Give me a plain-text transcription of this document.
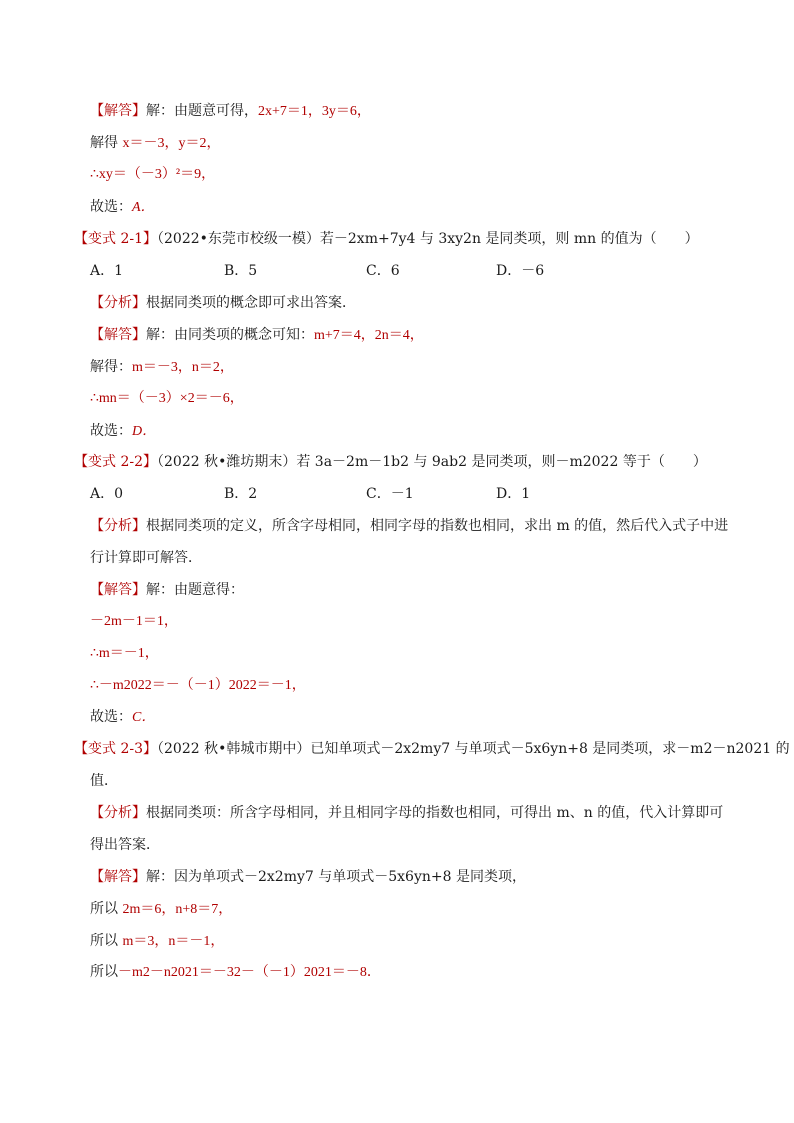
【解答】解：由题意可得，2x+7＝1，3y＝6，
解得 x＝－3，y＝2，
∴xy＝（－3）²＝9，
故选：A．
【变式 2-1】（2022•东莞市校级一模）若－2xm+7y4 与 3xy2n 是同类项，则 mn 的值为（　　）
A．1	B．5	C．6	D．－6
【分析】根据同类项的概念即可求出答案．
【解答】解：由同类项的概念可知：m+7＝4，2n＝4，
解得：m＝－3，n＝2，
∴mn＝（－3）×2＝－6，
故选：D．
【变式 2-2】（2022 秋•潍坊期末）若 3a－2m－1b2 与 9ab2 是同类项，则－m2022 等于（　　）
A．0	B．2	C．－1	D．1
【分析】根据同类项的定义，所含字母相同，相同字母的指数也相同，求出 m 的值，然后代入式子中进
行计算即可解答．
【解答】解：由题意得：
－2m－1＝1，
∴m＝－1，
∴－m2022＝－（－1）2022＝－1，
故选：C．
【变式 2-3】（2022 秋•韩城市期中）已知单项式－2x2my7 与单项式－5x6yn+8 是同类项，求－m2－n2021 的
值．
【分析】根据同类项：所含字母相同，并且相同字母的指数也相同，可得出 m、n 的值，代入计算即可
得出答案．
【解答】解：因为单项式－2x2my7 与单项式－5x6yn+8 是同类项，
所以 2m＝6，n+8＝7，
所以 m＝3，n＝－1，
所以－m2－n2021＝－32－（－1）2021＝－8．
